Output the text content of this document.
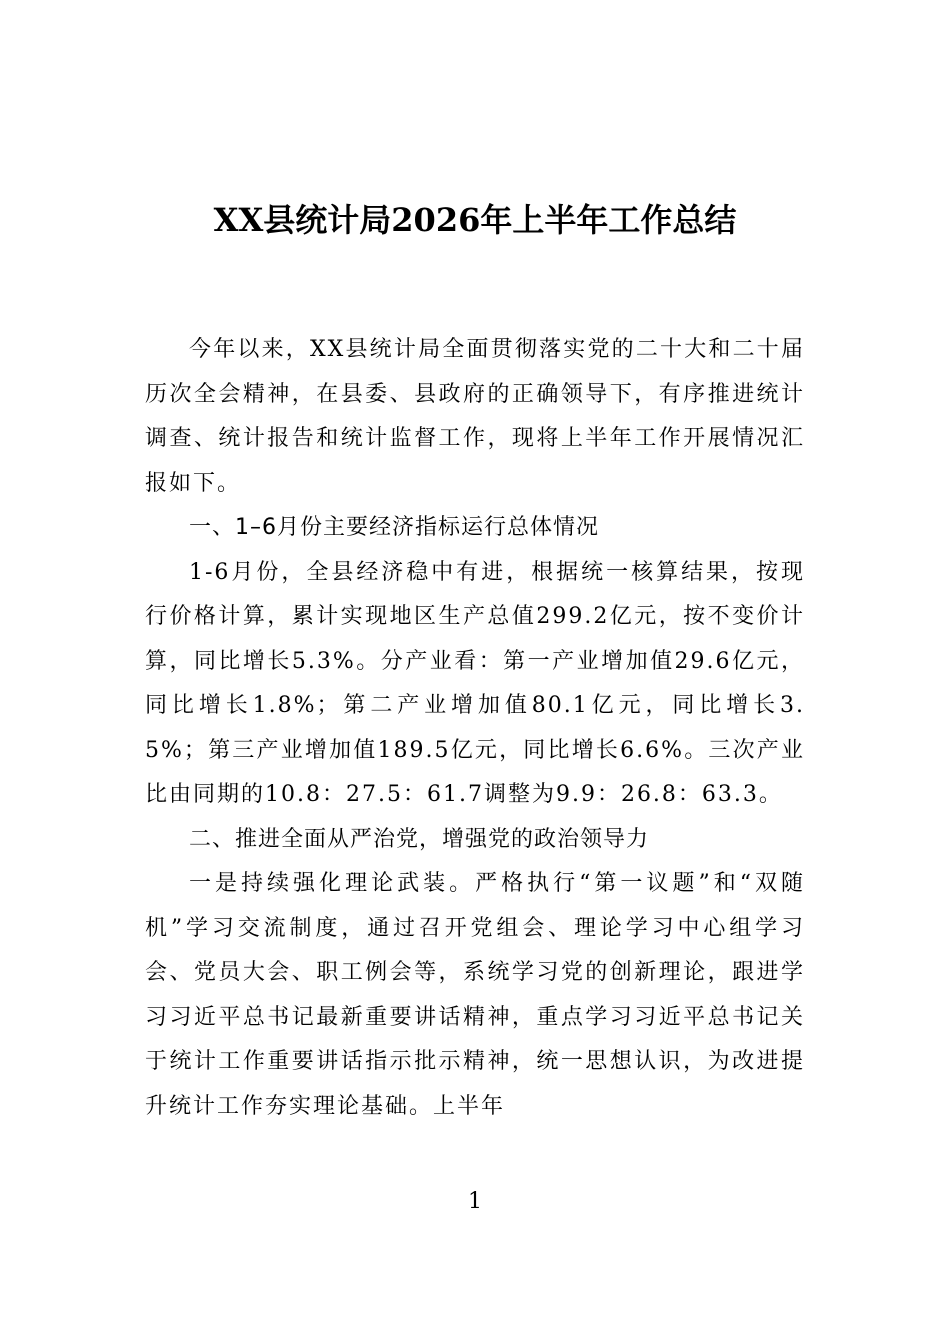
XX县统计局2026年上半年工作总结

今年以来，XX县统计局全面贯彻落实党的二十大和二十届历次全会精神，在县委、县政府的正确领导下，有序推进统计调查、统计报告和统计监督工作，现将上半年工作开展情况汇报如下。

一、1–6月份主要经济指标运行总体情况

1-6月份，全县经济稳中有进，根据统一核算结果，按现行价格计算，累计实现地区生产总值299.2亿元，按不变价计算，同比增长5.3%。分产业看：第一产业增加值29.6亿元，同比增长1.8%；第二产业增加值80.1亿元，同比增长3.5%；第三产业增加值189.5亿元，同比增长6.6%。三次产业比由同期的10.8：27.5：61.7调整为9.9：26.8：63.3。

二、推进全面从严治党，增强党的政治领导力

一是持续强化理论武装。严格执行“第一议题”和“双随机”学习交流制度，通过召开党组会、理论学习中心组学习会、党员大会、职工例会等，系统学习党的创新理论，跟进学习习近平总书记最新重要讲话精神，重点学习习近平总书记关于统计工作重要讲话指示批示精神，统一思想认识，为改进提升统计工作夯实理论基础。上半年

1
